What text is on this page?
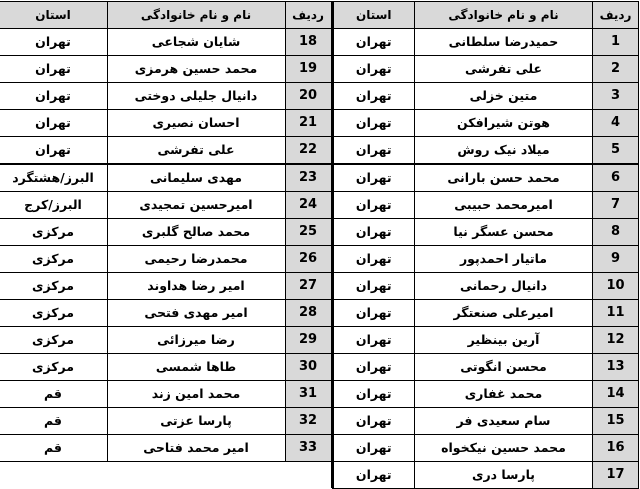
ردیف	نام و نام خانوادگی	استان
1	حمیدرضا سلطانی	تهران
2	علی تفرشی	تهران
3	متین خزلی	تهران
4	هوتن شیرافکن	تهران
5	میلاد نیک روش	تهران
6	محمد حسن بارانی	تهران
7	امیرمحمد حبیبی	تهران
8	محسن عسگر نیا	تهران
9	ماتیار احمدپور	تهران
10	دانیال رحمانی	تهران
11	امیرعلی صنعتگر	تهران
12	آرین بینظیر	تهران
13	محسن انگوتی	تهران
14	محمد غفاری	تهران
15	سام سعیدی فر	تهران
16	محمد حسین نیکخواه	تهران
17	پارسا دری	تهران
ردیف	نام و نام خانوادگی	استان
18	شایان شجاعی	تهران
19	محمد حسین هرمزی	تهران
20	دانیال جلیلی دوختی	تهران
21	احسان نصیری	تهران
22	علی تفرشی	تهران
23	مهدی سلیمانی	البرز/هشتگرد
24	امیرحسین تمجیدی	البرز/کرج
25	محمد صالح گلبری	مرکزی
26	محمدرضا رحیمی	مرکزی
27	امیر رضا هداوند	مرکزی
28	امیر مهدی فتحی	مرکزی
29	رضا میرزائی	مرکزی
30	طاها شمسی	مرکزی
31	محمد امین زند	قم
32	پارسا عزتی	قم
33	امیر محمد فتاحی	قم
